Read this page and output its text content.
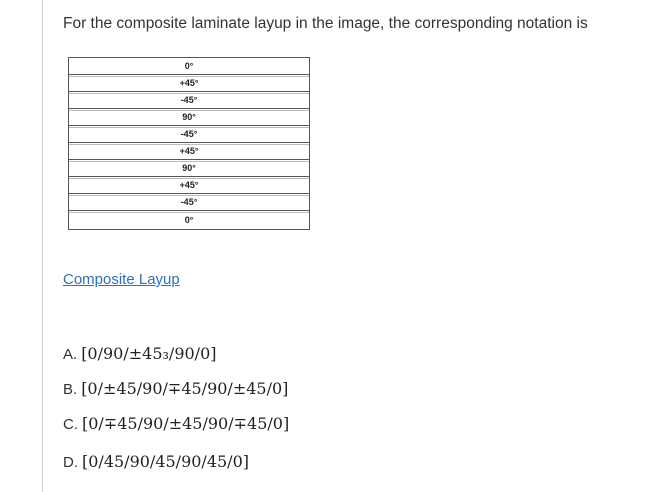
For the composite laminate layup in the image, the corresponding notation is
0°
+45°
-45°
90°
-45°
+45°
90°
+45°
-45°
0°
Composite Layup
A. [0/90/±45₃/90/0]
B. [0/±45/90/∓45/90/±45/0]
C. [0/∓45/90/±45/90/∓45/0]
D. [0/45/90/45/90/45/0]
